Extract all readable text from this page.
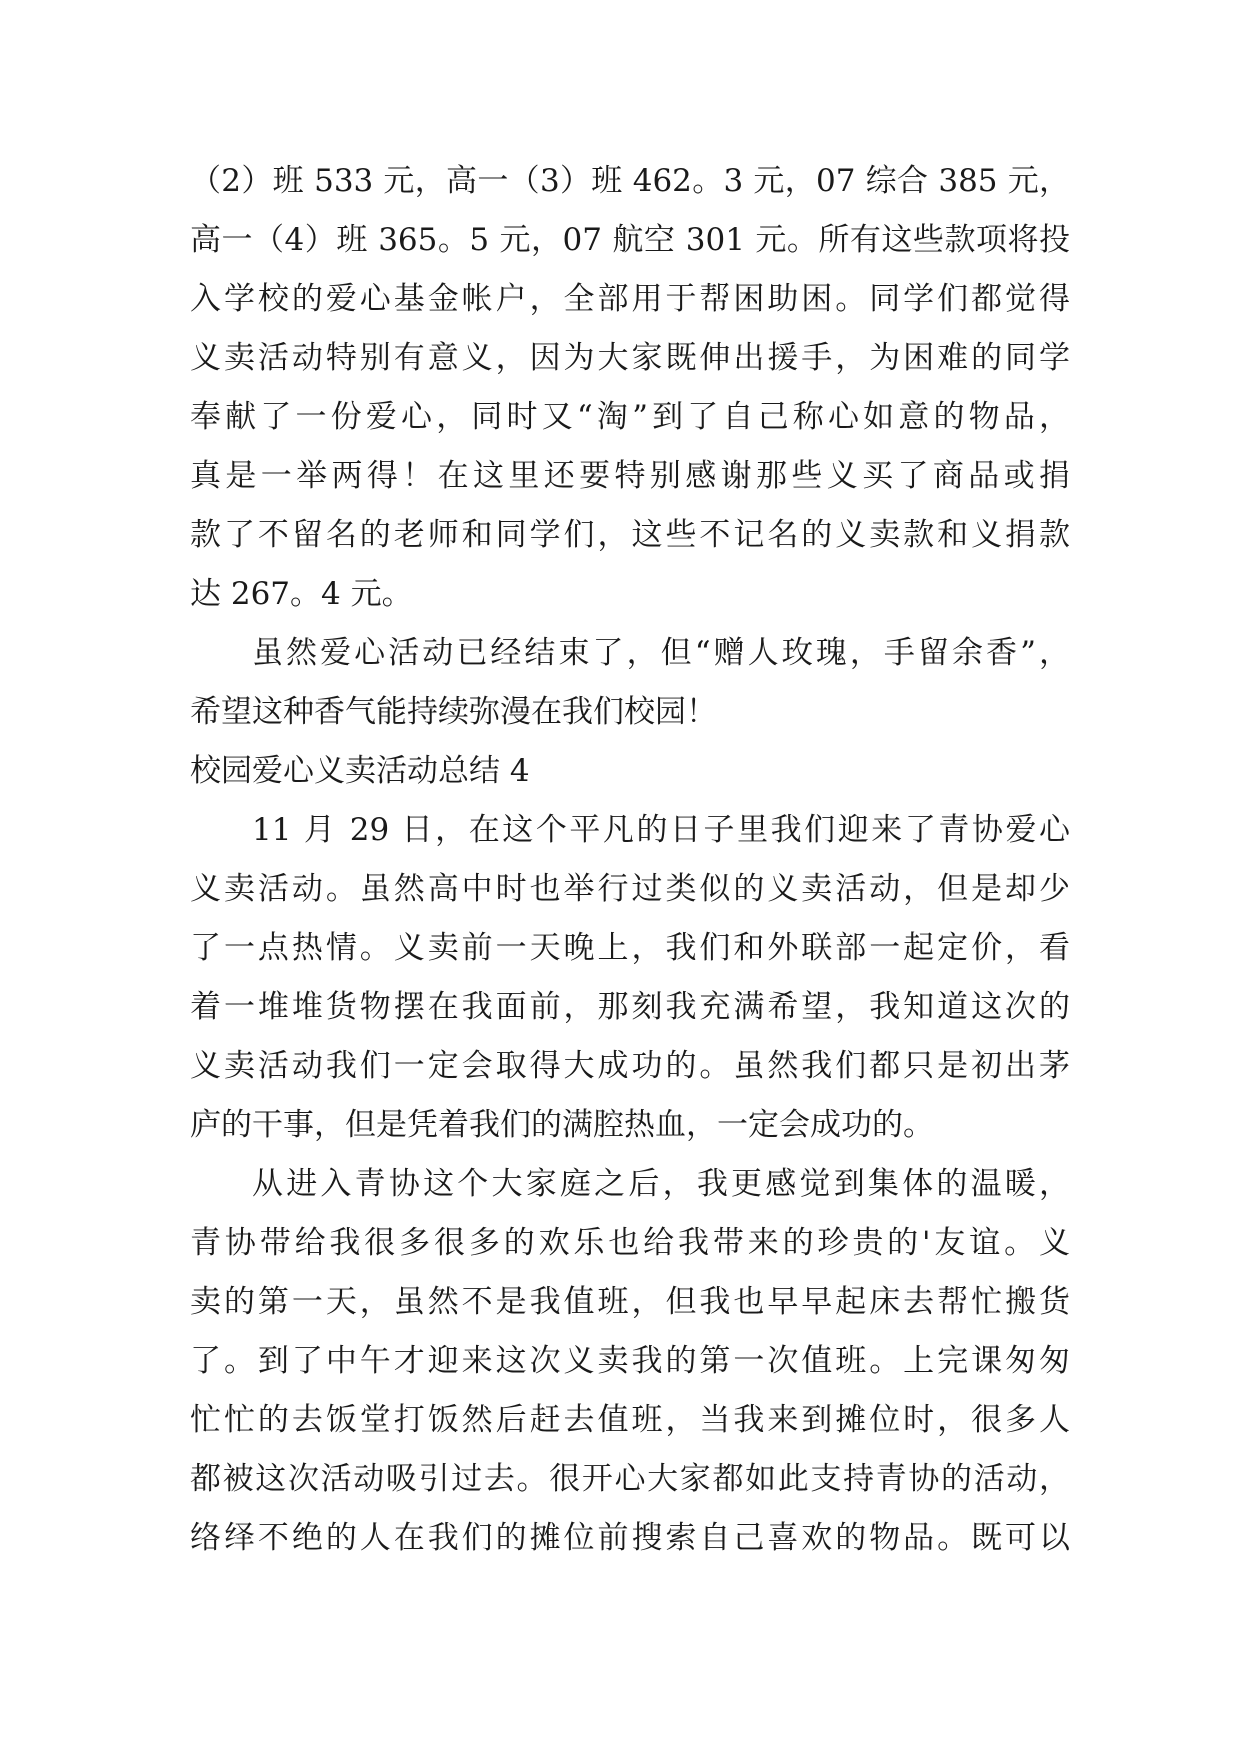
（2）班 533 元，高一（3）班 462。3 元，07 综合 385 元，
高一（4）班 365。5 元，07 航空 301 元。所有这些款项将投
入学校的爱心基金帐户，全部用于帮困助困。同学们都觉得
义卖活动特别有意义，因为大家既伸出援手，为困难的同学
奉献了一份爱心，同时又“淘”到了自己称心如意的物品，
真是一举两得！在这里还要特别感谢那些义买了商品或捐
款了不留名的老师和同学们，这些不记名的义卖款和义捐款
达 267。4 元。
虽然爱心活动已经结束了，但“赠人玫瑰，手留余香”，
希望这种香气能持续弥漫在我们校园！
校园爱心义卖活动总结 4
11 月 29 日，在这个平凡的日子里我们迎来了青协爱心
义卖活动。虽然高中时也举行过类似的义卖活动，但是却少
了一点热情。义卖前一天晚上，我们和外联部一起定价，看
着一堆堆货物摆在我面前，那刻我充满希望，我知道这次的
义卖活动我们一定会取得大成功的。虽然我们都只是初出茅
庐的干事，但是凭着我们的满腔热血，一定会成功的。
从进入青协这个大家庭之后，我更感觉到集体的温暖，
青协带给我很多很多的欢乐也给我带来的珍贵的'友谊。义
卖的第一天，虽然不是我值班，但我也早早起床去帮忙搬货
了。到了中午才迎来这次义卖我的第一次值班。上完课匆匆
忙忙的去饭堂打饭然后赶去值班，当我来到摊位时，很多人
都被这次活动吸引过去。很开心大家都如此支持青协的活动，
络绎不绝的人在我们的摊位前搜索自己喜欢的物品。既可以
